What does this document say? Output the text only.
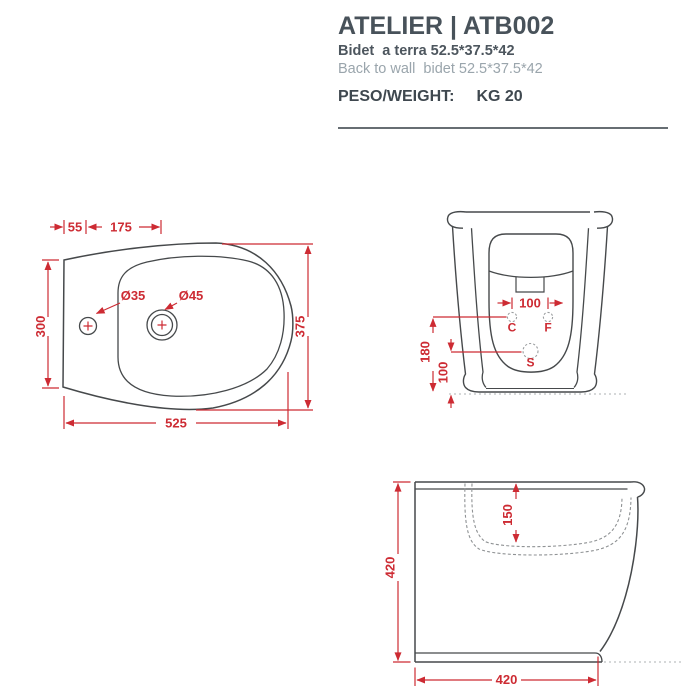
ATELIER | ATB002
Bidet  a terra 52.5*37.5*42
Back to wall  bidet 52.5*37.5*42
PESO/WEIGHT: KG 20
55 175
300	375
525
Ø35	Ø45	100
180
100
C F
S
150
420
420
